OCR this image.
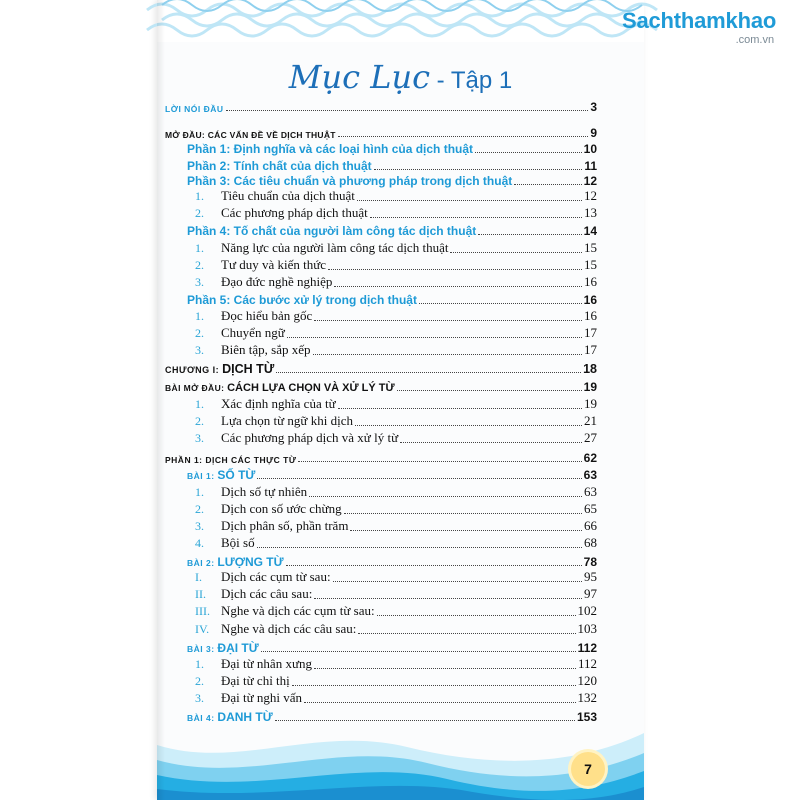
Sachthamkhao
.com.vn
Mục Lục - Tập 1
LỜI NÓI ĐẦU	3
MỞ ĐẦU: CÁC VẤN ĐỀ VỀ DỊCH THUẬT	9
Phần 1: Định nghĩa và các loại hình của dịch thuật	10
Phần 2: Tính chất của dịch thuật	11
Phần 3: Các tiêu chuẩn và phương pháp trong dịch thuật	12
1.	Tiêu chuẩn của dịch thuật	12
2.	Các phương pháp dịch thuật	13
Phần 4: Tố chất của người làm công tác dịch thuật	14
1.	Năng lực của người làm công tác dịch thuật	15
2.	Tư duy và kiến thức	15
3.	Đạo đức nghề nghiệp	16
Phần 5: Các bước xử lý trong dịch thuật	16
1.	Đọc hiểu bản gốc	16
2.	Chuyển ngữ	17
3.	Biên tập, sắp xếp	17
CHƯƠNG I: DỊCH TỪ	18
BÀI MỞ ĐẦU: CÁCH LỰA CHỌN VÀ XỬ LÝ TỪ	19
1.	Xác định nghĩa của từ	19
2.	Lựa chọn từ ngữ khi dịch	21
3.	Các phương pháp dịch và xử lý từ	27
PHẦN 1: DỊCH CÁC THỰC TỪ	62
BÀI 1: SỐ TỪ	63
1.	Dịch số tự nhiên	63
2.	Dịch con số ước chừng	65
3.	Dịch phân số, phần trăm	66
4.	Bội số	68
BÀI 2: LƯỢNG TỪ	78
I.	Dịch các cụm từ sau:	95
II.	Dịch các câu sau:	97
III. Nghe và dịch các cụm từ sau:	102
IV. Nghe và dịch các câu sau:	103
BÀI 3: ĐẠI TỪ	112
1.	Đại từ nhân xưng	112
2.	Đại từ chỉ thị	120
3.	Đại từ nghi vấn	132
BÀI 4: DANH TỪ	153
7
